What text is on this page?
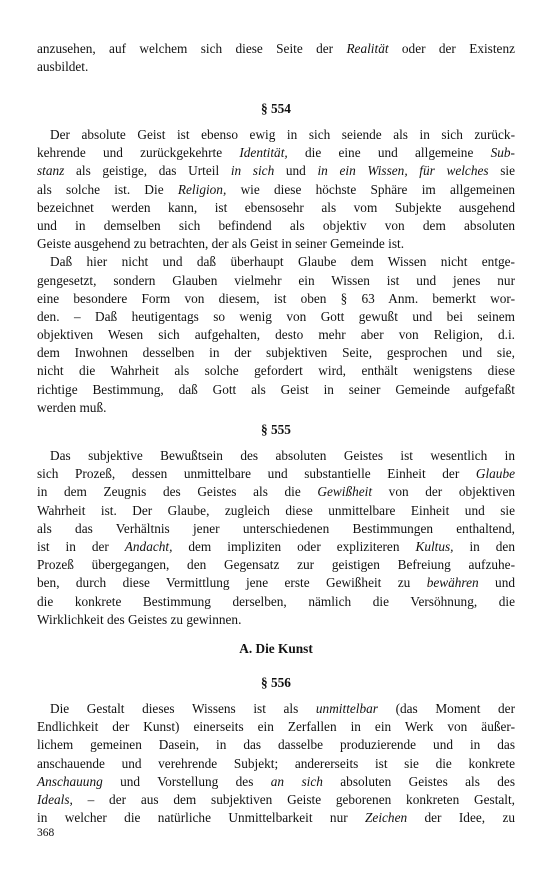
anzusehen, auf welchem sich diese Seite der Realität oder der Existenz
ausbildet.
§ 554
Der absolute Geist ist ebenso ewig in sich seiende als in sich zurück-
kehrende und zurückgekehrte Identität, die eine und allgemeine Sub-
stanz als geistige, das Urteil in sich und in ein Wissen, für welches sie
als solche ist. Die Religion, wie diese höchste Sphäre im allgemeinen
bezeichnet werden kann, ist ebensosehr als vom Subjekte ausgehend
und in demselben sich befindend als objektiv von dem absoluten
Geiste ausgehend zu betrachten, der als Geist in seiner Gemeinde ist.
Daß hier nicht und daß überhaupt Glaube dem Wissen nicht entge-
gengesetzt, sondern Glauben vielmehr ein Wissen ist und jenes nur
eine besondere Form von diesem, ist oben § 63 Anm. bemerkt wor-
den. – Daß heutigentags so wenig von Gott gewußt und bei seinem
objektiven Wesen sich aufgehalten, desto mehr aber von Religion, d.i.
dem Inwohnen desselben in der subjektiven Seite, gesprochen und sie,
nicht die Wahrheit als solche gefordert wird, enthält wenigstens diese
richtige Bestimmung, daß Gott als Geist in seiner Gemeinde aufgefaßt
werden muß.
§ 555
Das subjektive Bewußtsein des absoluten Geistes ist wesentlich in
sich Prozeß, dessen unmittelbare und substantielle Einheit der Glaube
in dem Zeugnis des Geistes als die Gewißheit von der objektiven
Wahrheit ist. Der Glaube, zugleich diese unmittelbare Einheit und sie
als das Verhältnis jener unterschiedenen Bestimmungen enthaltend,
ist in der Andacht, dem impliziten oder expliziteren Kultus, in den
Prozeß übergegangen, den Gegensatz zur geistigen Befreiung aufzuhe-
ben, durch diese Vermittlung jene erste Gewißheit zu bewähren und
die konkrete Bestimmung derselben, nämlich die Versöhnung, die
Wirklichkeit des Geistes zu gewinnen.
A. Die Kunst
§ 556
Die Gestalt dieses Wissens ist als unmittelbar (das Moment der
Endlichkeit der Kunst) einerseits ein Zerfallen in ein Werk von äußer-
lichem gemeinen Dasein, in das dasselbe produzierende und in das
anschauende und verehrende Subjekt; andererseits ist sie die konkrete
Anschauung und Vorstellung des an sich absoluten Geistes als des
Ideals, – der aus dem subjektiven Geiste geborenen konkreten Gestalt,
in welcher die natürliche Unmittelbarkeit nur Zeichen der Idee, zu
368
